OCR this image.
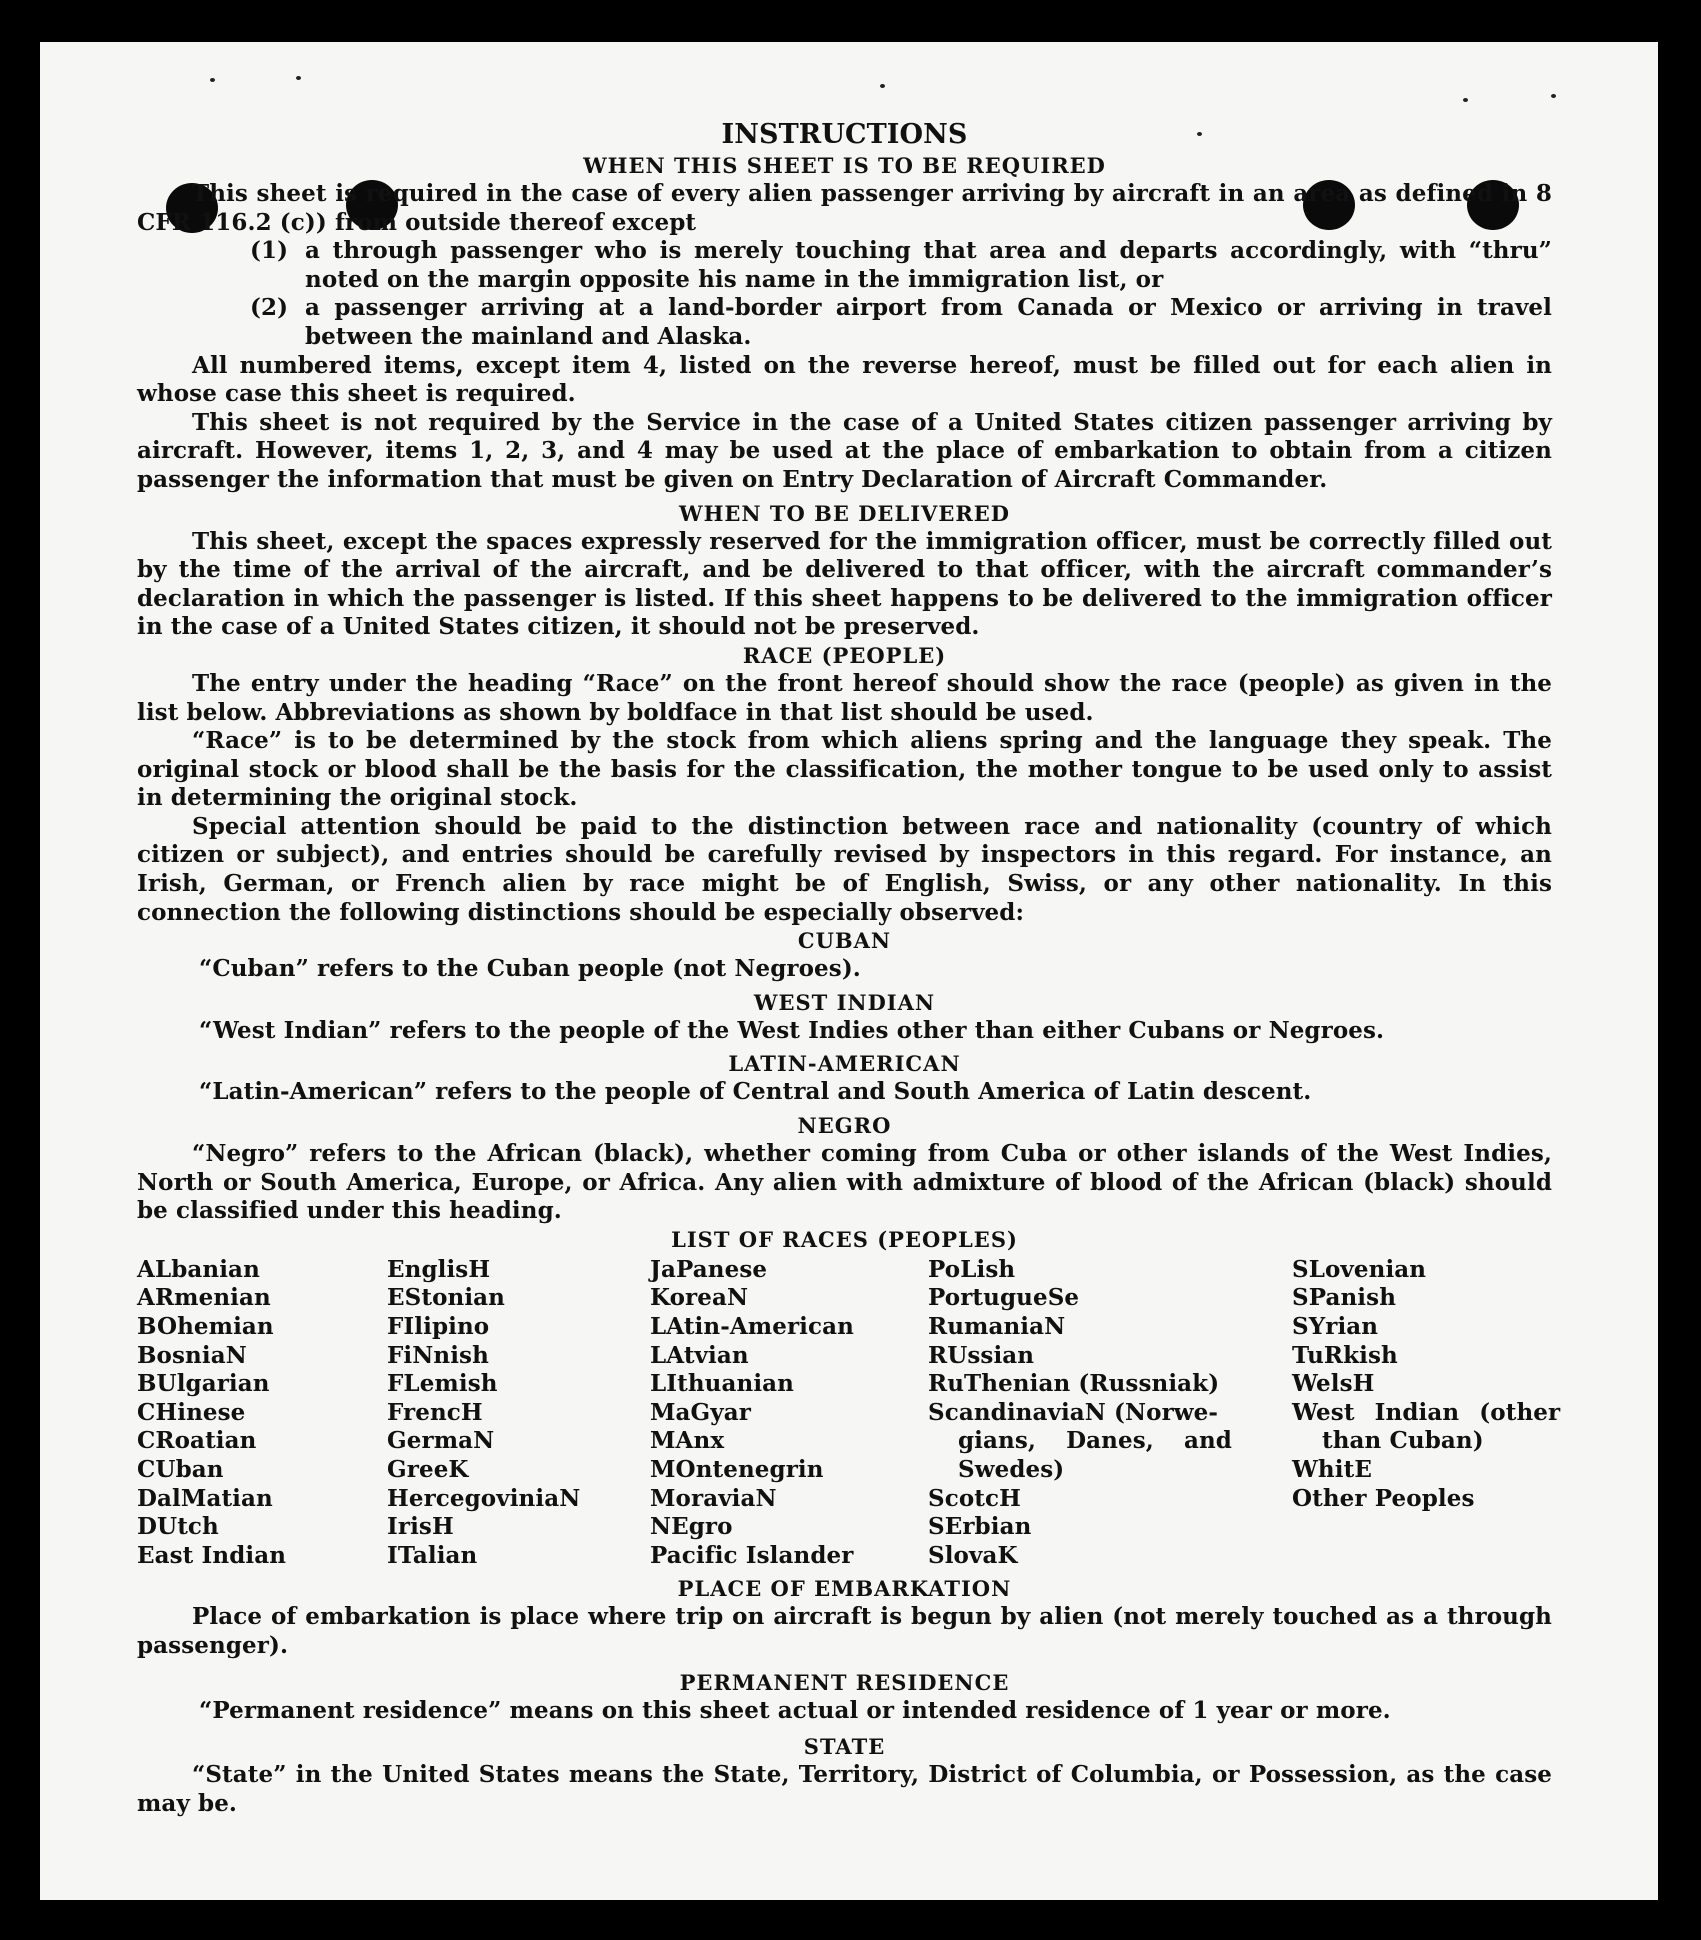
INSTRUCTIONS
WHEN THIS SHEET IS TO BE REQUIRED
This sheet is required in the case of every alien passenger arriving by aircraft in an area as defined in 8 CFR 116.2 (c)) from outside thereof except
(1) a through passenger who is merely touching that area and departs accordingly, with “thru” noted on the margin opposite his name in the immigration list, or
(2) a passenger arriving at a land-border airport from Canada or Mexico or arriving in travel between the mainland and Alaska.
All numbered items, except item 4, listed on the reverse hereof, must be filled out for each alien in whose case this sheet is required.
This sheet is not required by the Service in the case of a United States citizen passenger arriving by aircraft. However, items 1, 2, 3, and 4 may be used at the place of embarkation to obtain from a citizen passenger the information that must be given on Entry Declaration of Aircraft Commander.
WHEN TO BE DELIVERED
This sheet, except the spaces expressly reserved for the immigration officer, must be correctly filled out by the time of the arrival of the aircraft, and be delivered to that officer, with the aircraft commander’s declaration in which the passenger is listed. If this sheet happens to be delivered to the immigration officer in the case of a United States citizen, it should not be preserved.
RACE (PEOPLE)
The entry under the heading “Race” on the front hereof should show the race (people) as given in the list below. Abbreviations as shown by boldface in that list should be used.
“Race” is to be determined by the stock from which aliens spring and the language they speak. The original stock or blood shall be the basis for the classification, the mother tongue to be used only to assist in determining the original stock.
Special attention should be paid to the distinction between race and nationality (country of which citizen or subject), and entries should be carefully revised by inspectors in this regard. For instance, an Irish, German, or French alien by race might be of English, Swiss, or any other nationality. In this connection the following distinctions should be especially observed:
CUBAN
“Cuban” refers to the Cuban people (not Negroes).
WEST INDIAN
“West Indian” refers to the people of the West Indies other than either Cubans or Negroes.
LATIN-AMERICAN
“Latin-American” refers to the people of Central and South America of Latin descent.
NEGRO
“Negro” refers to the African (black), whether coming from Cuba or other islands of the West Indies, North or South America, Europe, or Africa. Any alien with admixture of blood of the African (black) should be classified under this heading.
LIST OF RACES (PEOPLES)
ALbanian
ARmenian
BOhemian
BosniaN
BUlgarian
CHinese
CRoatian
CUban
DalMatian
DUtch
East Indian
EnglisH
EStonian
FIlipino
FiNnish
FLemish
FrencH
GermaN
GreeK
HercegoviniaN
IrisH
ITalian
JaPanese
KoreaN
LAtin-American
LAtvian
LIthuanian
MaGyar
MAnx
MOntenegrin
MoraviaN
NEgro
Pacific Islander
PoLish
PortugueSe
RumaniaN
RUssian
RuThenian (Russniak)
ScandinaviaN (Norwe-
gians, Danes, and
Swedes)
ScotcH
SErbian
SlovaK
SLovenian
SPanish
SYrian
TuRkish
WelsH
West Indian (other
than Cuban)
WhitE
Other Peoples
PLACE OF EMBARKATION
Place of embarkation is place where trip on aircraft is begun by alien (not merely touched as a through passenger).
PERMANENT RESIDENCE
“Permanent residence” means on this sheet actual or intended residence of 1 year or more.
STATE
“State” in the United States means the State, Territory, District of Columbia, or Possession, as the case may be.
